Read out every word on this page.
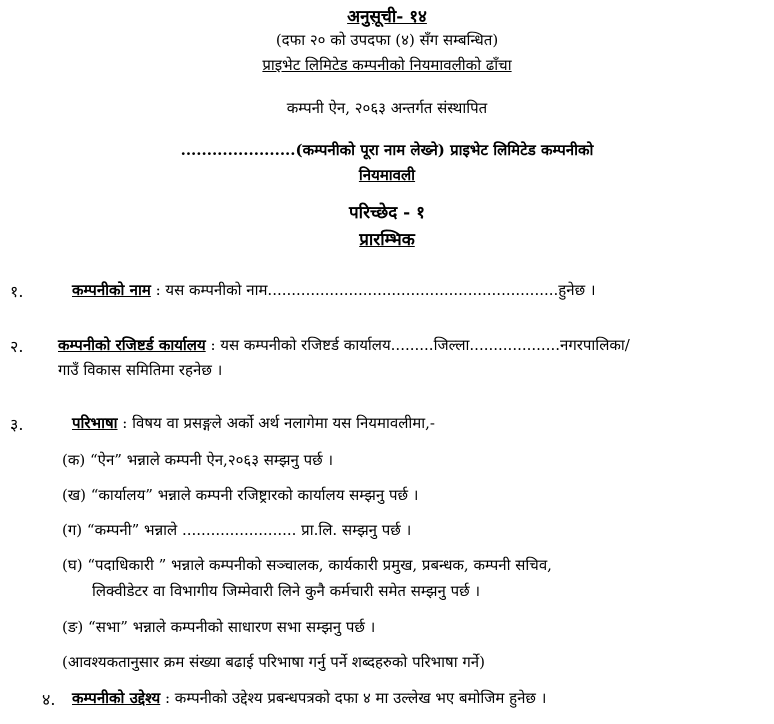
अनुसूची- १४
(दफा २० को उपदफा (४) सँग सम्बन्धित)
प्राइभेट लिमिटेड कम्पनीको नियमावलीको ढाँचा
कम्पनी ऐन, २०६३ अन्तर्गत संस्थापित
......................(कम्पनीको पूरा नाम लेख्ने) प्राइभेट लिमिटेड कम्पनीको
नियमावली
परिच्छेद - १
प्रारम्भिक
१.	कम्पनीको नाम : यस कम्पनीको नाम.............................................................हुनेछ ।
२. कम्पनीको रजिष्टर्ड कार्यालय : यस कम्पनीको रजिष्टर्ड कार्यालय.........जिल्ला...................नगरपालिका/
गाउँ विकास समितिमा रहनेछ ।
३.	परिभाषा : विषय वा प्रसङ्गले अर्को अर्थ नलागेमा यस नियमावलीमा,-
(क) “ऐन” भन्नाले कम्पनी ऐन,२०६३ सम्झनु पर्छ ।
(ख) “कार्यालय” भन्नाले कम्पनी रजिष्ट्रारको कार्यालय सम्झनु पर्छ ।
(ग) “कम्पनी” भन्नाले ........................ प्रा.लि. सम्झनु पर्छ ।
(घ) “पदाधिकारी ” भन्नाले कम्पनीको सञ्चालक, कार्यकारी प्रमुख, प्रबन्धक, कम्पनी सचिव,
लिक्वीडेटर वा विभागीय जिम्मेवारी लिने कुनै कर्मचारी समेत सम्झनु पर्छ ।
(ङ) “सभा” भन्नाले कम्पनीको साधारण सभा सम्झनु पर्छ ।
(आवश्यकतानुसार क्रम संख्या बढाई परिभाषा गर्नु पर्ने शब्दहरुको परिभाषा गर्ने)
४. कम्पनीको उद्देश्य : कम्पनीको उद्देश्य प्रबन्धपत्रको दफा ४ मा उल्लेख भए बमोजिम हुनेछ ।
